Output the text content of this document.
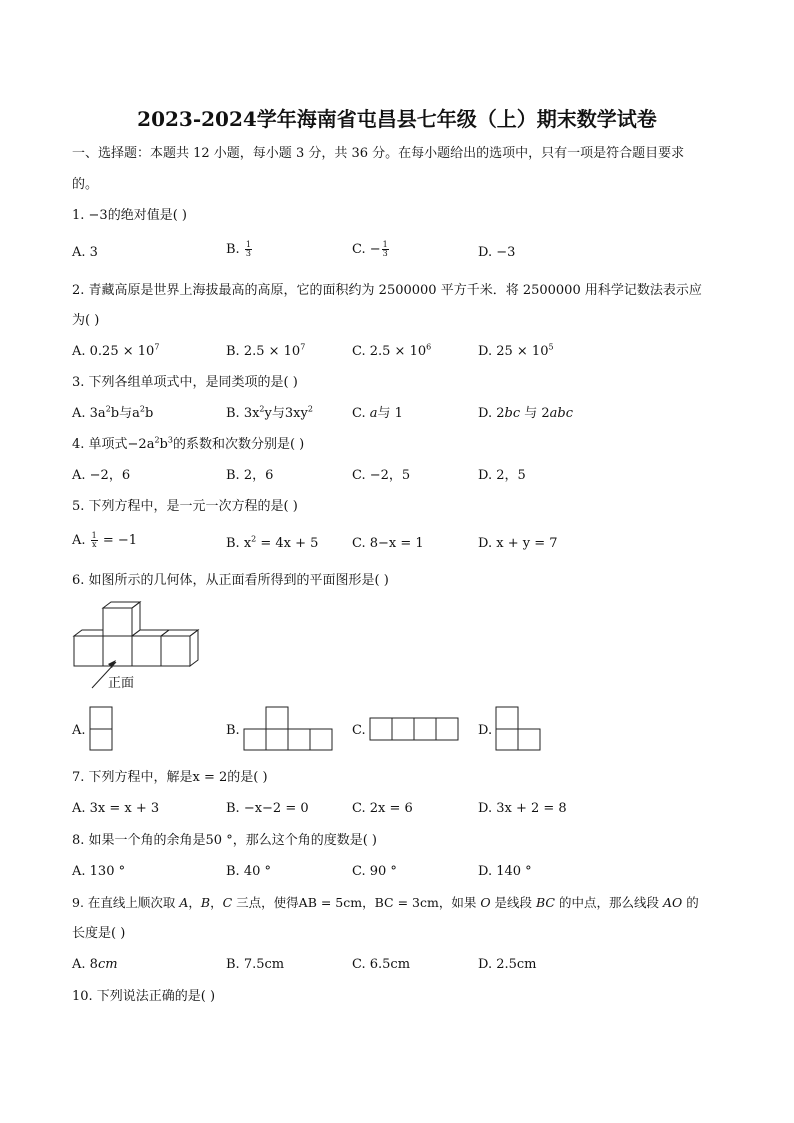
2023-2024学年海南省屯昌县七年级（上）期末数学试卷
一、选择题：本题共 12 小题，每小题 3 分，共 36 分。在每小题给出的选项中，只有一项是符合题目要求
的。
1. −3的绝对值是( )
A. 3	B. $\frac{1}{3}$	C. − $\frac{1}{3}$	D. −3
2. 青藏高原是世界上海拔最高的高原，它的面积约为 2500000 平方千米．将 2500000 用科学记数法表示应
为( )
A. $0.25 \times 10^7$	B. $2.5 \times 10^7$	C. $2.5 \times 10^6$	D. $25 \times 10^5$
3. 下列各组单项式中，是同类项的是( )
A. $3a^2b$与$a^2b$	B. $3x^2y$与$3xy^2$	C. a与 1	D. 2bc 与 2abc
4. 单项式$-2a^2b^3$的系数和次数分别是( )
A. −2，6	B. 2，6	C. −2，5	D. 2，5
5. 下列方程中，是一元一次方程的是( )
A. $\frac{1}{x} = -1$	B. $x^2 = 4x + 5$	C. 8−x = 1	D. x + y = 7
6. 如图所示的几何体，从正面看所得到的平面图形是( )
正面
A.	B.	C.	D.
7. 下列方程中，解是x = 2的是( )
A. 3x = x + 3	B. −x−2 = 0	C. 2x = 6	D. 3x + 2 = 8
8. 如果一个角的余角是50 °，那么这个角的度数是( )
A. 130 °	B. 40 °	C. 90 °	D. 140 °
9. 在直线上顺次取 A，B，C 三点，使得AB = 5cm，BC = 3cm，如果 O 是线段 BC 的中点，那么线段 AO 的
长度是( )
A. 8cm	B. 7.5cm	C. 6.5cm	D. 2.5cm
10. 下列说法正确的是( )
